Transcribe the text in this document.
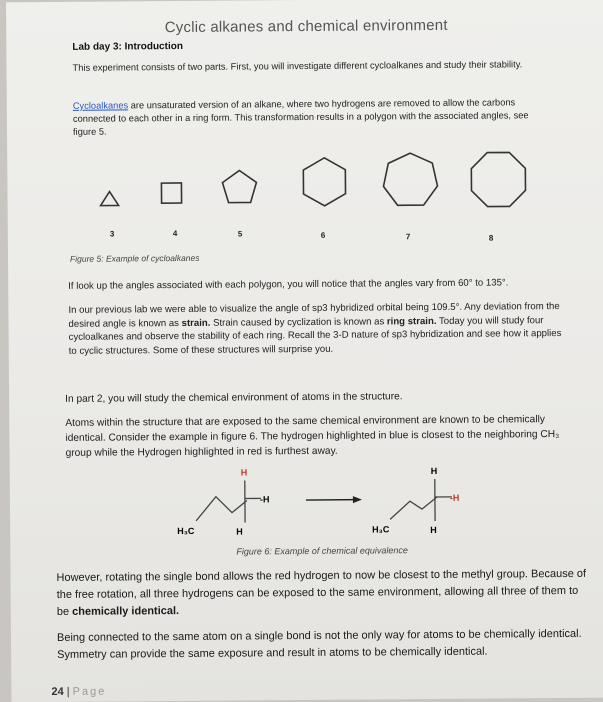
Cyclic alkanes and chemical environment
Lab day 3: Introduction
This experiment consists of two parts. First, you will investigate different cycloalkanes and study their stability.
Cycloalkanes are unsaturated version of an alkane, where two hydrogens are removed to allow the carbons connected to each other in a ring form. This transformation results in a polygon with the associated angles, see figure 5.
3	4	5	6	7	8
Figure 5: Example of cycloalkanes
If look up the angles associated with each polygon, you will notice that the angles vary from 60° to 135°.
In our previous lab we were able to visualize the angle of sp3 hybridized orbital being 109.5°. Any deviation from the desired angle is known as strain. Strain caused by cyclization is known as ring strain. Today you will study four cycloalkanes and observe the stability of each ring. Recall the 3-D nature of sp3 hybridization and see how it applies to cyclic structures. Some of these structures will surprise you.
In part 2, you will study the chemical environment of atoms in the structure.
Atoms within the structure that are exposed to the same chemical environment are known to be chemically identical. Consider the example in figure 6. The hydrogen highlighted in blue is closest to the neighboring CH₃ group while the Hydrogen highlighted in red is furthest away.
H
-H
H
H₃C
H
-H
H
H₃C
Figure 6: Example of chemical equivalence
However, rotating the single bond allows the red hydrogen to now be closest to the methyl group. Because of the free rotation, all three hydrogens can be exposed to the same environment, allowing all three of them to be chemically identical.
Being connected to the same atom on a single bond is not the only way for atoms to be chemically identical. Symmetry can provide the same exposure and result in atoms to be chemically identical.
24 | Page
